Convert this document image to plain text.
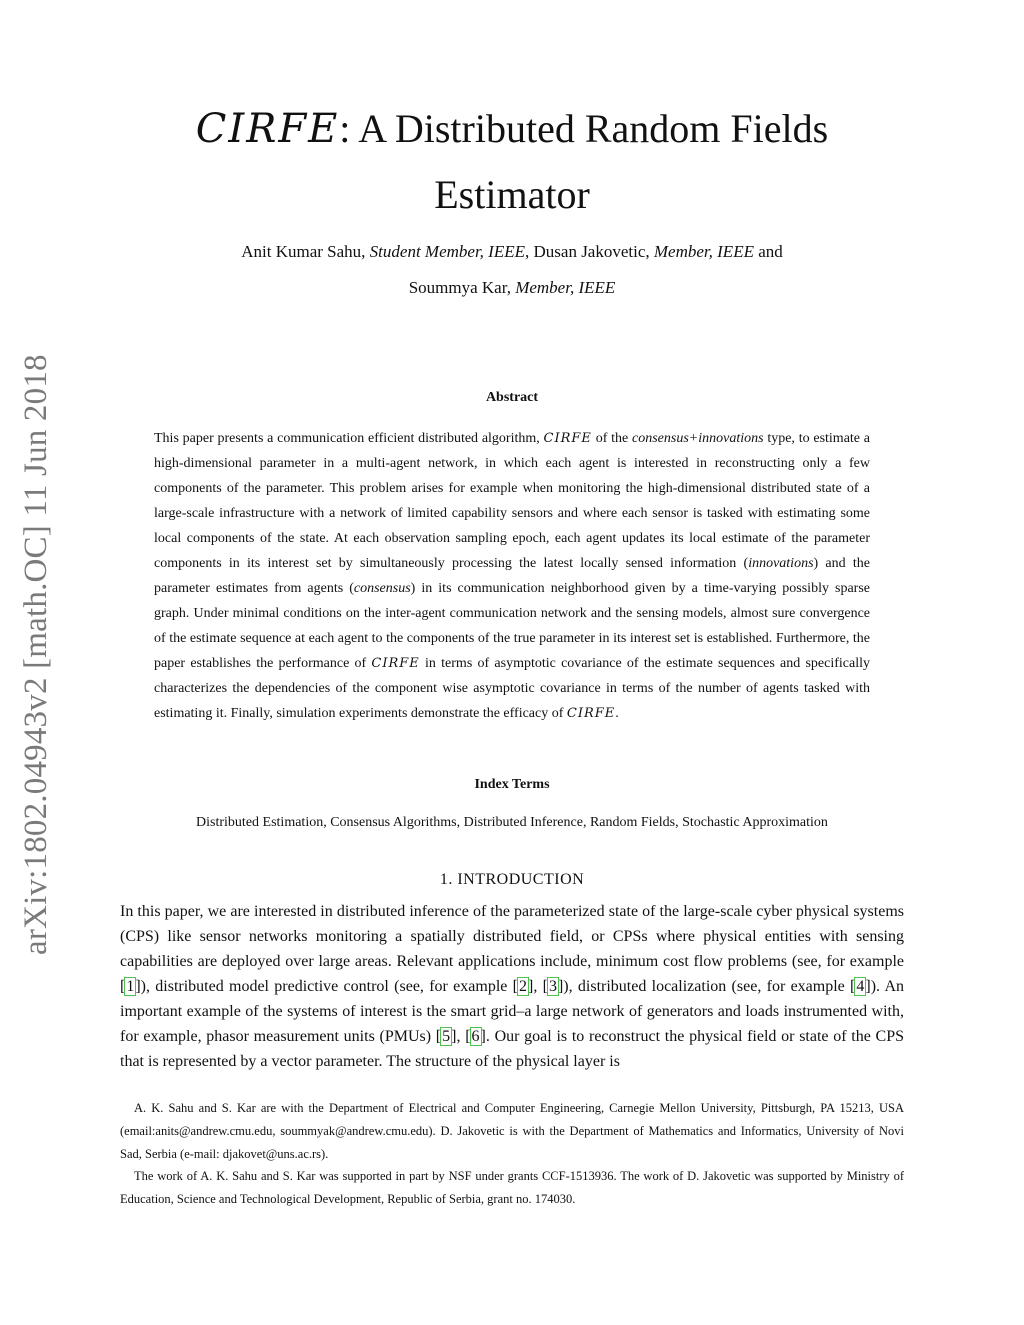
arXiv:1802.04943v2 [math.OC] 11 Jun 2018
CIRFE: A Distributed Random Fields
Estimator
Anit Kumar Sahu, Student Member, IEEE, Dusan Jakovetic, Member, IEEE and
Soummya Kar, Member, IEEE
Abstract
This paper presents a communication efficient distributed algorithm, CIRFE of the consensus+innovations type, to estimate a high-dimensional parameter in a multi-agent network, in which each agent is interested in reconstructing only a few components of the parameter. This problem arises for example when monitoring the high-dimensional distributed state of a large-scale infrastructure with a network of limited capability sensors and where each sensor is tasked with estimating some local components of the state. At each observation sampling epoch, each agent updates its local estimate of the parameter components in its interest set by simultaneously processing the latest locally sensed information (innovations) and the parameter estimates from agents (consensus) in its communication neighborhood given by a time-varying possibly sparse graph. Under minimal conditions on the inter-agent communication network and the sensing models, almost sure convergence of the estimate sequence at each agent to the components of the true parameter in its interest set is established. Furthermore, the paper establishes the performance of CIRFE in terms of asymptotic covariance of the estimate sequences and specifically characterizes the dependencies of the component wise asymptotic covariance in terms of the number of agents tasked with estimating it. Finally, simulation experiments demonstrate the efficacy of CIRFE.
Index Terms
Distributed Estimation, Consensus Algorithms, Distributed Inference, Random Fields, Stochastic Approximation
1. INTRODUCTION
In this paper, we are interested in distributed inference of the parameterized state of the large-scale cyber physical systems (CPS) like sensor networks monitoring a spatially distributed field, or CPSs where physical entities with sensing capabilities are deployed over large areas. Relevant applications include, minimum cost flow problems (see, for example [1]), distributed model predictive control (see, for example [2], [3]), distributed localization (see, for example [4]). An important example of the systems of interest is the smart grid–a large network of generators and loads instrumented with, for example, phasor measurement units (PMUs) [5], [6]. Our goal is to reconstruct the physical field or state of the CPS that is represented by a vector parameter. The structure of the physical layer is
A. K. Sahu and S. Kar are with the Department of Electrical and Computer Engineering, Carnegie Mellon University, Pittsburgh, PA 15213, USA (email:anits@andrew.cmu.edu, soummyak@andrew.cmu.edu). D. Jakovetic is with the Department of Mathematics and Informatics, University of Novi Sad, Serbia (e-mail: djakovet@uns.ac.rs).
The work of A. K. Sahu and S. Kar was supported in part by NSF under grants CCF-1513936. The work of D. Jakovetic was supported by Ministry of Education, Science and Technological Development, Republic of Serbia, grant no. 174030.
